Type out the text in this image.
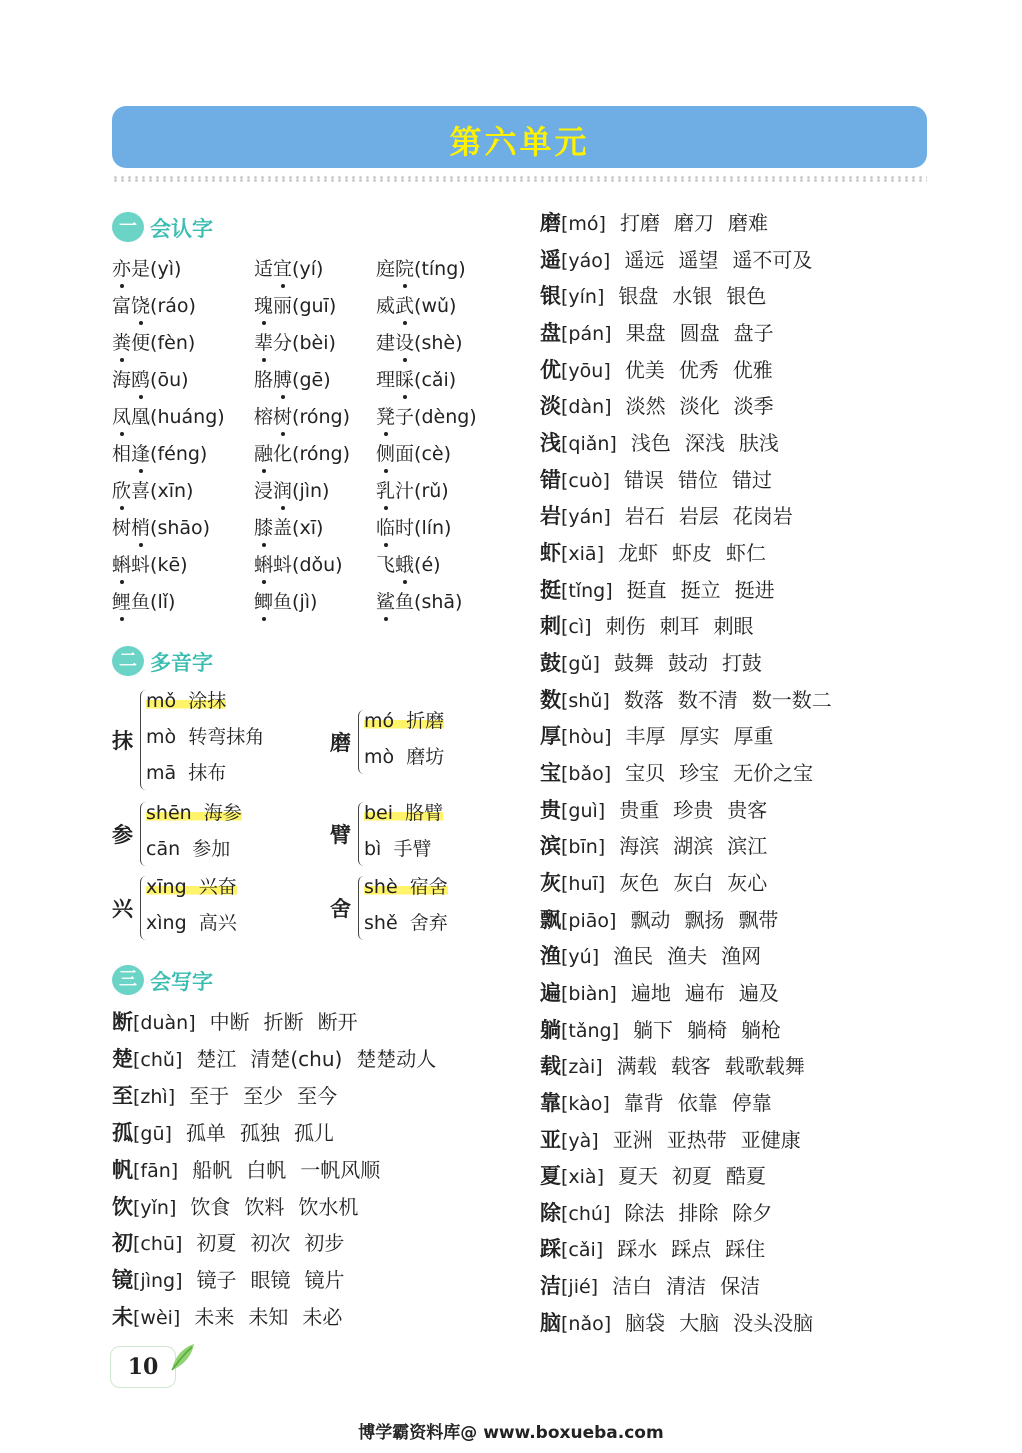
第六单元
一 会认字
亦是(yì)	适宜(yí)	庭院(tíng)
富饶(ráo)	瑰丽(guī) 威武(wǔ)
粪便(fèn)	辈分(bèi) 建设(shè)
海鸥(ōu)	胳膊(gē) 理睬(cǎi)
凤凰(huáng) 榕树(róng) 凳子(dèng)
相逢(féng) 融化(róng) 侧面(cè)
欣喜(xīn)	浸润(jìn) 乳汁(rǔ)
树梢(shāo) 膝盖(xī)	临时(lín)
蝌蚪(kē)	蝌蚪(dǒu) 飞蛾(é)
鲤鱼(lǐ)	鲫鱼(jì)	鲨鱼(shā)
二 多音字
抹
mǒ 涂抹
mò 转弯抹角
mā 抹布
磨
mó 折磨
mò 磨坊
参
shēn 海参
cān 参加
臂
bei 胳臂
bì 手臂
兴
xīng 兴奋
xìng 高兴
舍
shè 宿舍
shě 舍弃
三 会写字
断[duàn] 中断 折断 断开
楚[chǔ] 楚江 清楚(chu) 楚楚动人
至[zhì] 至于 至少 至今
孤[gū] 孤单 孤独 孤儿
帆[fān] 船帆 白帆 一帆风顺
饮[yǐn] 饮食 饮料 饮水机
初[chū] 初夏 初次 初步
镜[jìng] 镜子 眼镜 镜片
未[wèi] 未来 未知 未必
磨[mó] 打磨 磨刀 磨难
遥[yáo] 遥远 遥望 遥不可及
银[yín] 银盘 水银 银色
盘[pán] 果盘 圆盘 盘子
优[yōu] 优美 优秀 优雅
淡[dàn] 淡然 淡化 淡季
浅[qiǎn] 浅色 深浅 肤浅
错[cuò] 错误 错位 错过
岩[yán] 岩石 岩层 花岗岩
虾[xiā] 龙虾 虾皮 虾仁
挺[tǐng] 挺直 挺立 挺进
刺[cì] 刺伤 刺耳 刺眼
鼓[gǔ] 鼓舞 鼓动 打鼓
数[shǔ] 数落 数不清 数一数二
厚[hòu] 丰厚 厚实 厚重
宝[bǎo] 宝贝 珍宝 无价之宝
贵[guì] 贵重 珍贵 贵客
滨[bīn] 海滨 湖滨 滨江
灰[huī] 灰色 灰白 灰心
飘[piāo] 飘动 飘扬 飘带
渔[yú] 渔民 渔夫 渔网
遍[biàn] 遍地 遍布 遍及
躺[tǎng] 躺下 躺椅 躺枪
载[zài] 满载 载客 载歌载舞
靠[kào] 靠背 依靠 停靠
亚[yà] 亚洲 亚热带 亚健康
夏[xià] 夏天 初夏 酷夏
除[chú] 除法 排除 除夕
踩[cǎi] 踩水 踩点 踩住
洁[jié] 洁白 清洁 保洁
脑[nǎo] 脑袋 大脑 没头没脑
10
博学霸资料库@ www.boxueba.com
